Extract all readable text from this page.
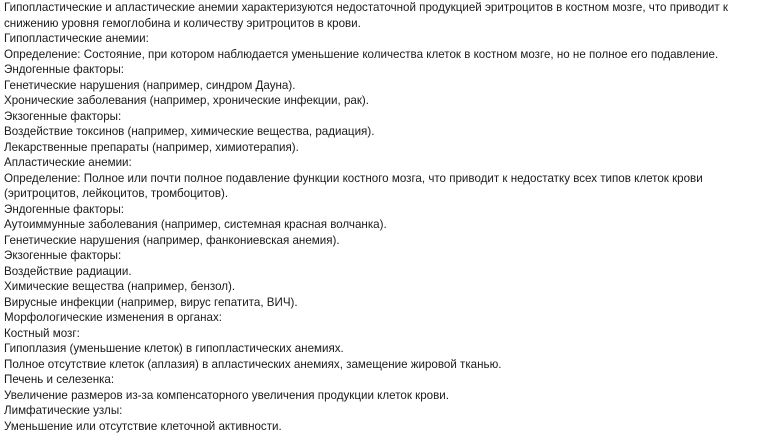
Гипопластические и апластические анемии характеризуются недостаточной продукцией эритроцитов в костном мозге, что приводит к снижению уровня гемоглобина и количеству эритроцитов в крови.
Гипопластические анемии:
Определение: Состояние, при котором наблюдается уменьшение количества клеток в костном мозге, но не полное его подавление.
Эндогенные факторы:
Генетические нарушения (например, синдром Дауна).
Хронические заболевания (например, хронические инфекции, рак).
Экзогенные факторы:
Воздействие токсинов (например, химические вещества, радиация).
Лекарственные препараты (например, химиотерапия).
Апластические анемии:
Определение: Полное или почти полное подавление функции костного мозга, что приводит к недостатку всех типов клеток крови (эритроцитов, лейкоцитов, тромбоцитов).
Эндогенные факторы:
Аутоиммунные заболевания (например, системная красная волчанка).
Генетические нарушения (например, фанкониевская анемия).
Экзогенные факторы:
Воздействие радиации.
Химические вещества (например, бензол).
Вирусные инфекции (например, вирус гепатита, ВИЧ).
Морфологические изменения в органах:
Костный мозг:
Гипоплазия (уменьшение клеток) в гипопластических анемиях.
Полное отсутствие клеток (аплазия) в апластических анемиях, замещение жировой тканью.
Печень и селезенка:
Увеличение размеров из-за компенсаторного увеличения продукции клеток крови.
Лимфатические узлы:
Уменьшение или отсутствие клеточной активности.
